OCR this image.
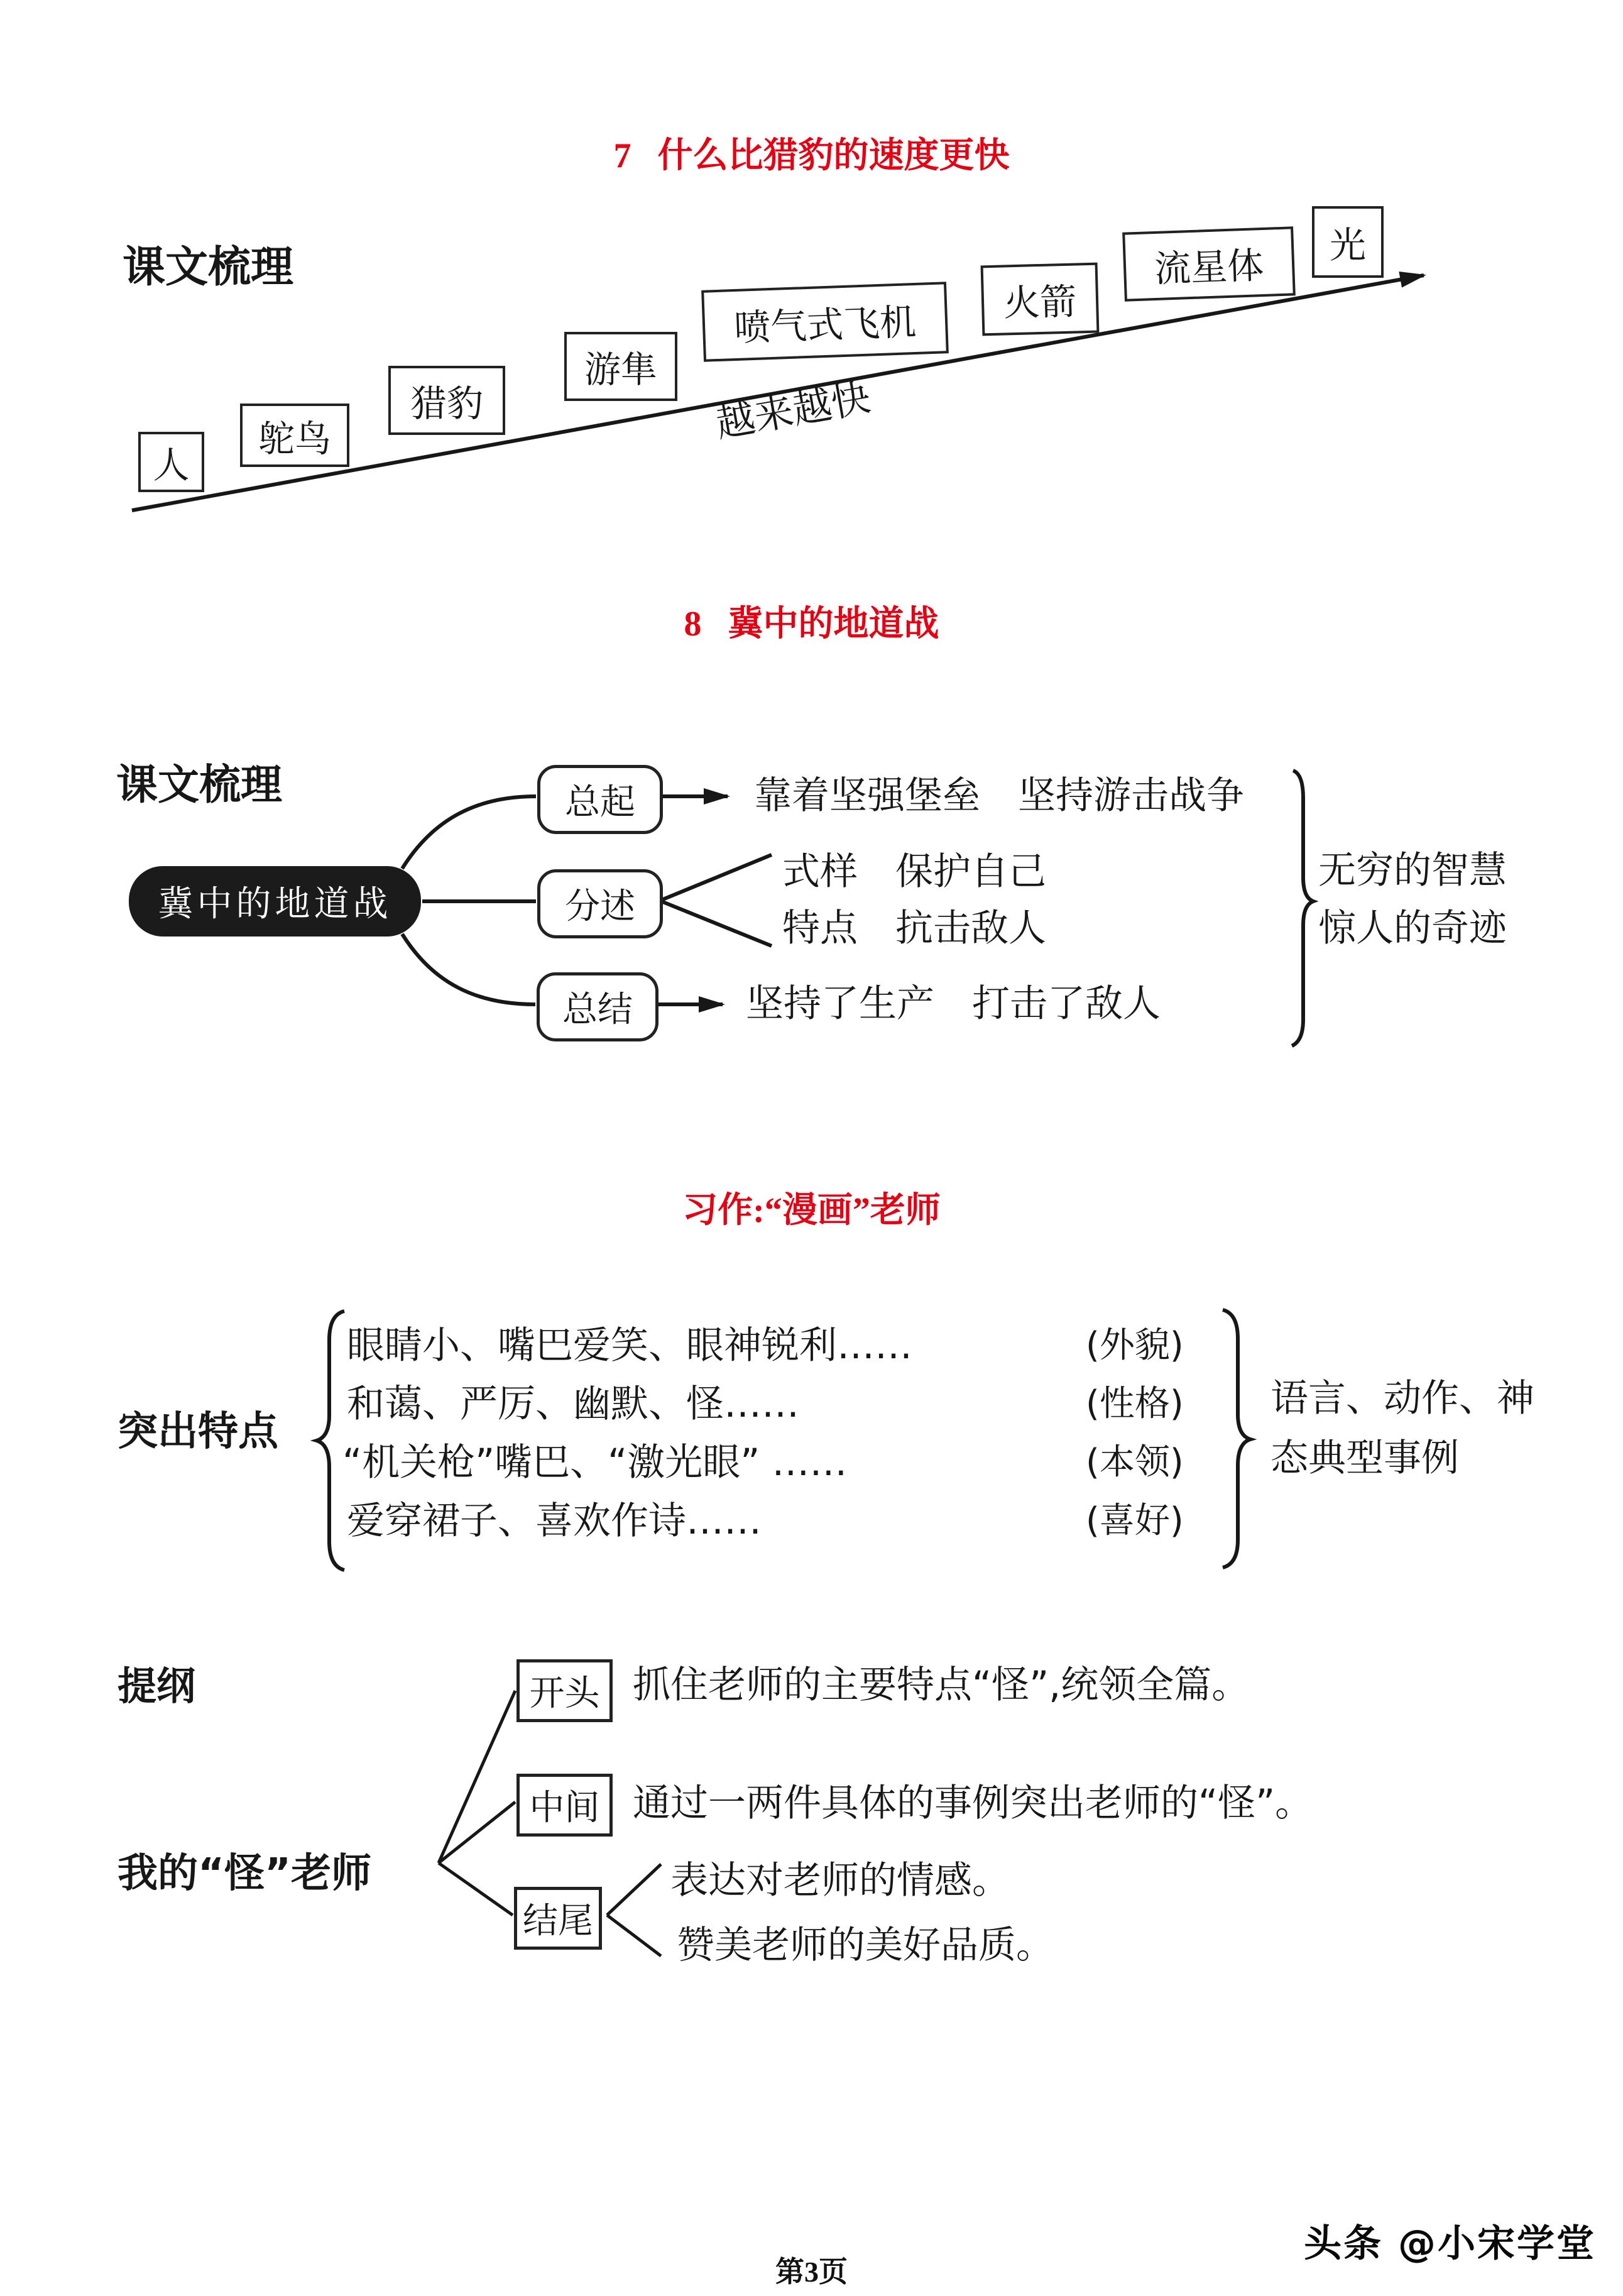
7 什么比猎豹的速度更快
课文梳理
人
鸵鸟
猎豹
游隼
喷气式飞机 火箭
流星体 光
越来越快
8 冀中的地道战
课文梳理
冀中的地道战
总起
分述
总结
靠着坚强堡垒　坚持游击战争
式样　保护自己
特点　抗击敌人
坚持了生产　打击了敌人
无穷的智慧
惊人的奇迹
习作:“漫画”老师
突出特点
眼睛小、嘴巴爱笑、眼神锐利……
和蔼、严厉、幽默、怪……
“机关枪”嘴巴、“激光眼” ……
爱穿裙子、喜欢作诗……
(外貌)
(性格)
(本领)
(喜好)
语言、动作、神
态典型事例
提纲
我的“怪”老师
开头
中间
结尾
抓住老师的主要特点“怪”,统领全篇。
通过一两件具体的事例突出老师的“怪”。
表达对老师的情感。
赞美老师的美好品质。
第3页
头条 @小宋学堂
